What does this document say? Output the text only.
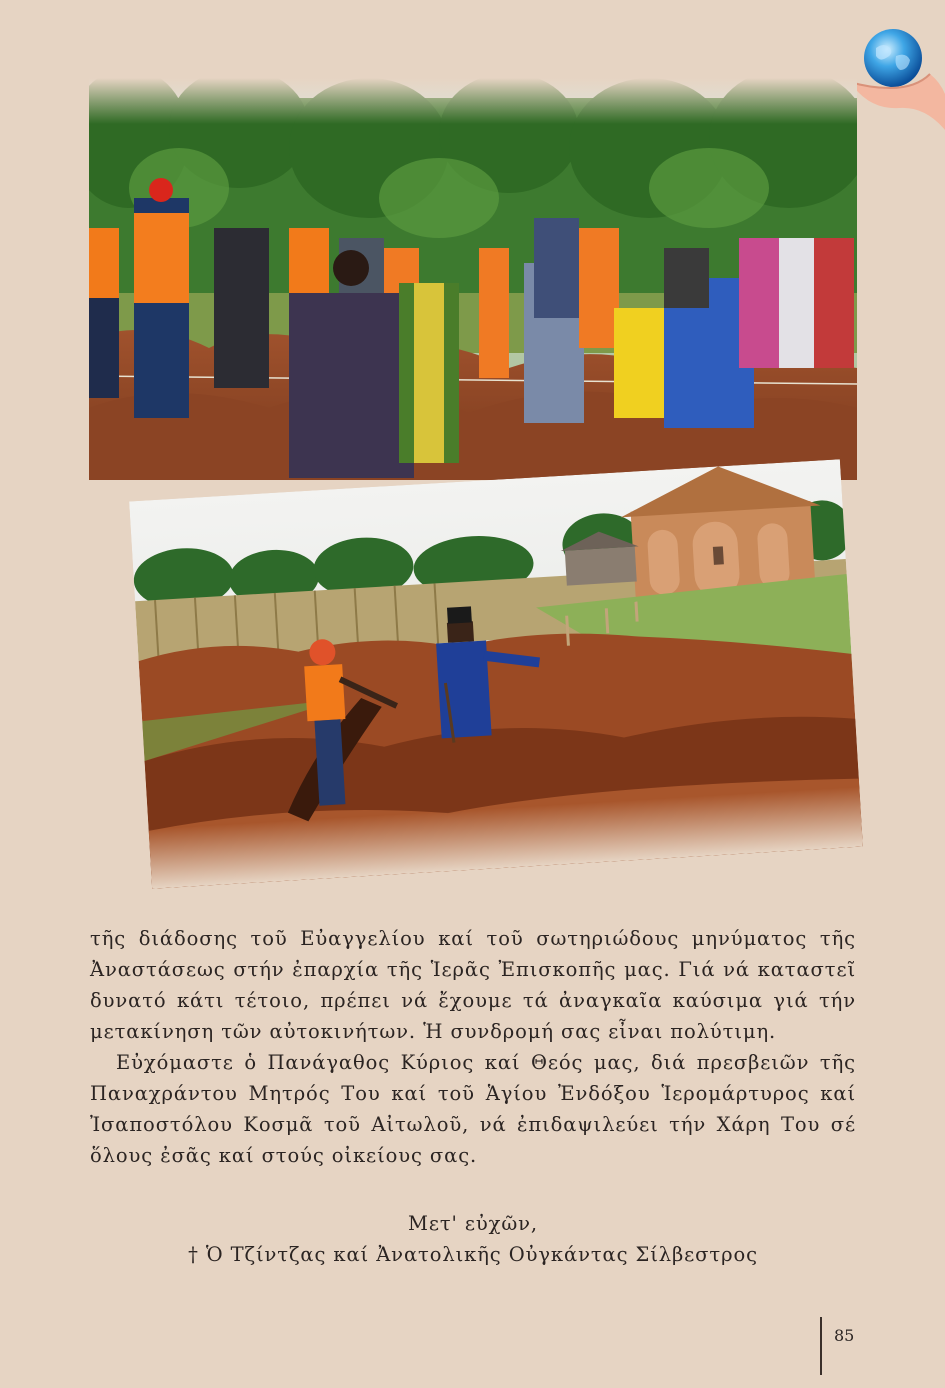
τῆς διάδοσης τοῦ Εὐαγγελίου καί τοῦ σωτηριώδους μηνύματος τῆς Ἀναστάσεως στήν ἐπαρχία τῆς Ἱερᾶς Ἐπισκοπῆς μας. Γιά νά καταστεῖ δυνατό κάτι τέτοιο, πρέπει νά ἔχουμε τά ἀναγκαῖα καύσιμα γιά τήν μετακίνηση τῶν αὐτοκινήτων. Ἡ συνδρομή σας εἶναι πολύτιμη.

Εὐχόμαστε ὁ Πανάγαθος Κύριος καί Θεός μας, διά πρεσβειῶν τῆς Παναχράντου Μητρός Του καί τοῦ Ἁγίου Ἐνδόξου Ἱερομάρτυρος καί Ἰσαποστόλου Κοσμᾶ τοῦ Αἰτωλοῦ, νά ἐπιδαψιλεύει τήν Χάρη Του σέ ὅλους ἐσᾶς καί στούς οἰκείους σας.

Μετ' εὐχῶν,
† Ὁ Τζίντζας καί Ἀνατολικῆς Οὐγκάντας Σίλβεστρος
85
